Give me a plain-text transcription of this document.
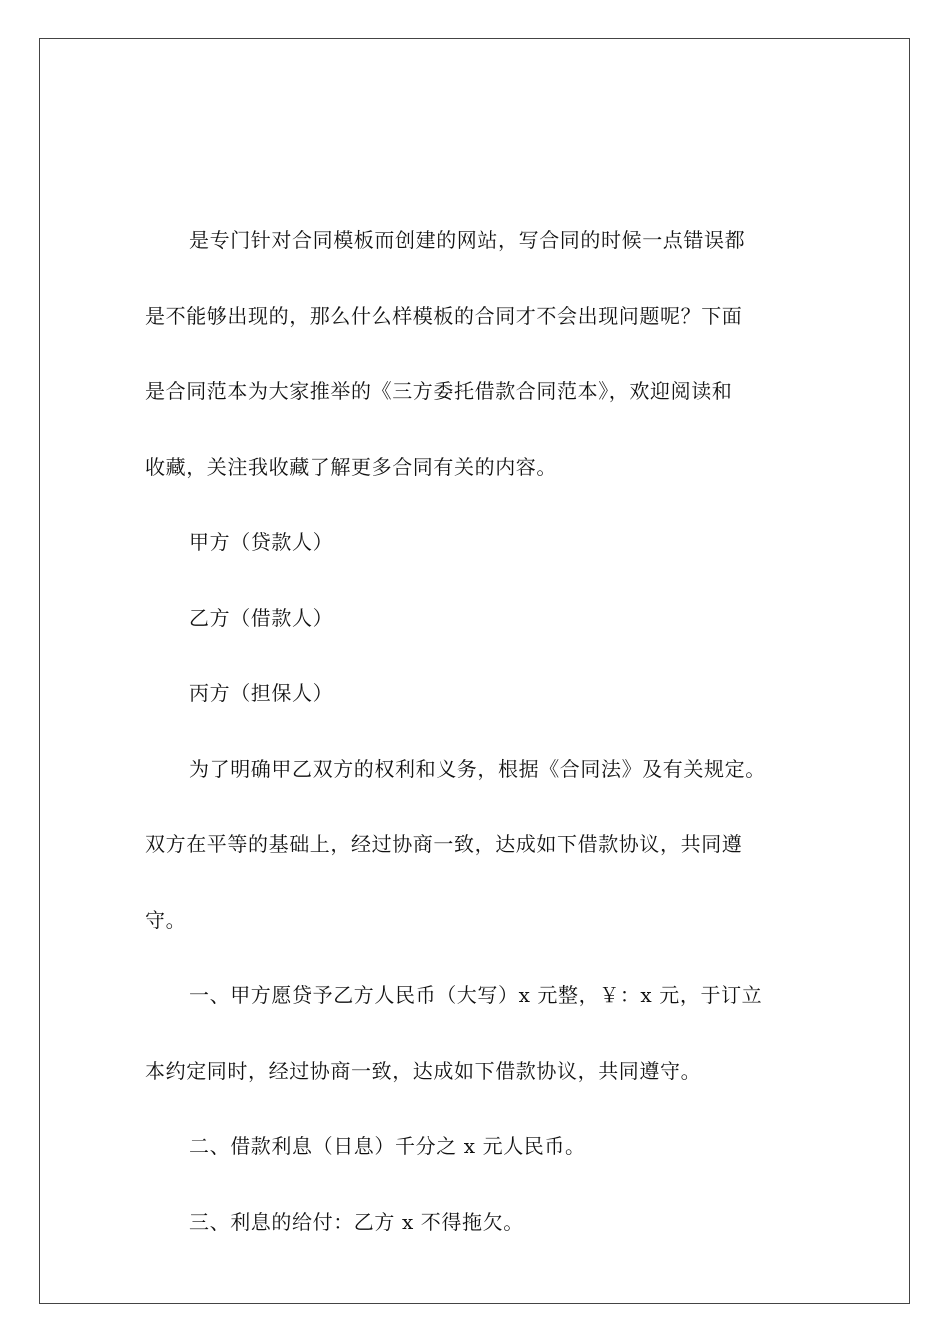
是专门针对合同模板而创建的网站，写合同的时候一点错误都
是不能够出现的，那么什么样模板的合同才不会出现问题呢？下面
是合同范本为大家推举的《三方委托借款合同范本》，欢迎阅读和
收藏，关注我收藏了解更多合同有关的内容。

甲方（贷款人）

乙方（借款人）

丙方（担保人）

为了明确甲乙双方的权利和义务，根据《合同法》及有关规定。
双方在平等的基础上，经过协商一致，达成如下借款协议，共同遵
守。

一、甲方愿贷予乙方人民币（大写）x 元整，￥：x 元，于订立
本约定同时，经过协商一致，达成如下借款协议，共同遵守。

二、借款利息（日息）千分之 x 元人民币。

三、利息的给付：乙方 x 不得拖欠。
